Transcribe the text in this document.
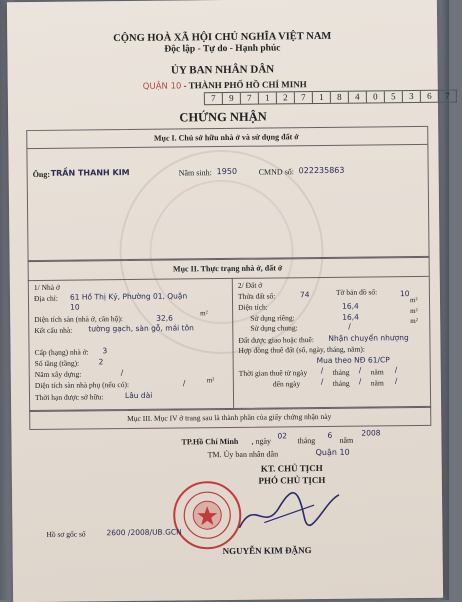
CỘNG HOÀ XÃ HỘI CHỦ NGHĨA VIỆT NAM
Độc lập - Tự do - Hạnh phúc
ỦY BAN NHÂN DÂN
QUẬN 10 - THÀNH PHỐ HỒ CHÍ MINH
7 9 7 1 2 7 1 8 4 0 5 3 6 7
CHỨNG NHẬN
Mục I. Chủ sở hữu nhà ở và sử dụng đất ở
Ông: TRẦN THANH KIM	Năm sinh: 1950	CMND số: 022235863
Mục II. Thực trạng nhà ở, đất ở
1/ Nhà ở
Địa chỉ: 61 Hồ Thị Kỷ, Phường 01, Quận
10
Diện tích sàn (nhà ở, căn hộ):	32,6
m²
Kết cấu nhà: tường gạch, sàn gỗ, mái tôn
Cấp (hạng) nhà ở: 3
Số tầng (tầng):	2
Năm xây dựng:	/
Diện tích sàn nhà phụ (nếu có):	/	m²
Thời hạn được sở hữu:	Lâu dài
2/ Đất ở
Thửa đất số:	74	Tờ bản đồ số:	10
Diện tích:	16,4
m²
Sử dụng riêng:	16,4
m²
Sử dụng chung:	/
m²
Đất được giao hoặc thuê: Nhận chuyển nhượng
Hợp đồng thuê đất (số, ngày, tháng, năm):
Mua theo NĐ 61/CP
Thời gian thuê từ ngày / tháng / năm /
đến ngày	/ tháng / năm /
Mục III. Mục IV ở trang sau là thành phần của giấy chứng nhận này
TP.Hồ Chí Minh , ngày
02
tháng
6
năm
2008
TM. Ủy ban nhân dân	Quận 10
KT. CHỦ TỊCH
PHÓ CHỦ TỊCH
NGUYỄN KIM ĐẶNG
Hồ sơ gốc số	2600 /2008/UB.GCN
